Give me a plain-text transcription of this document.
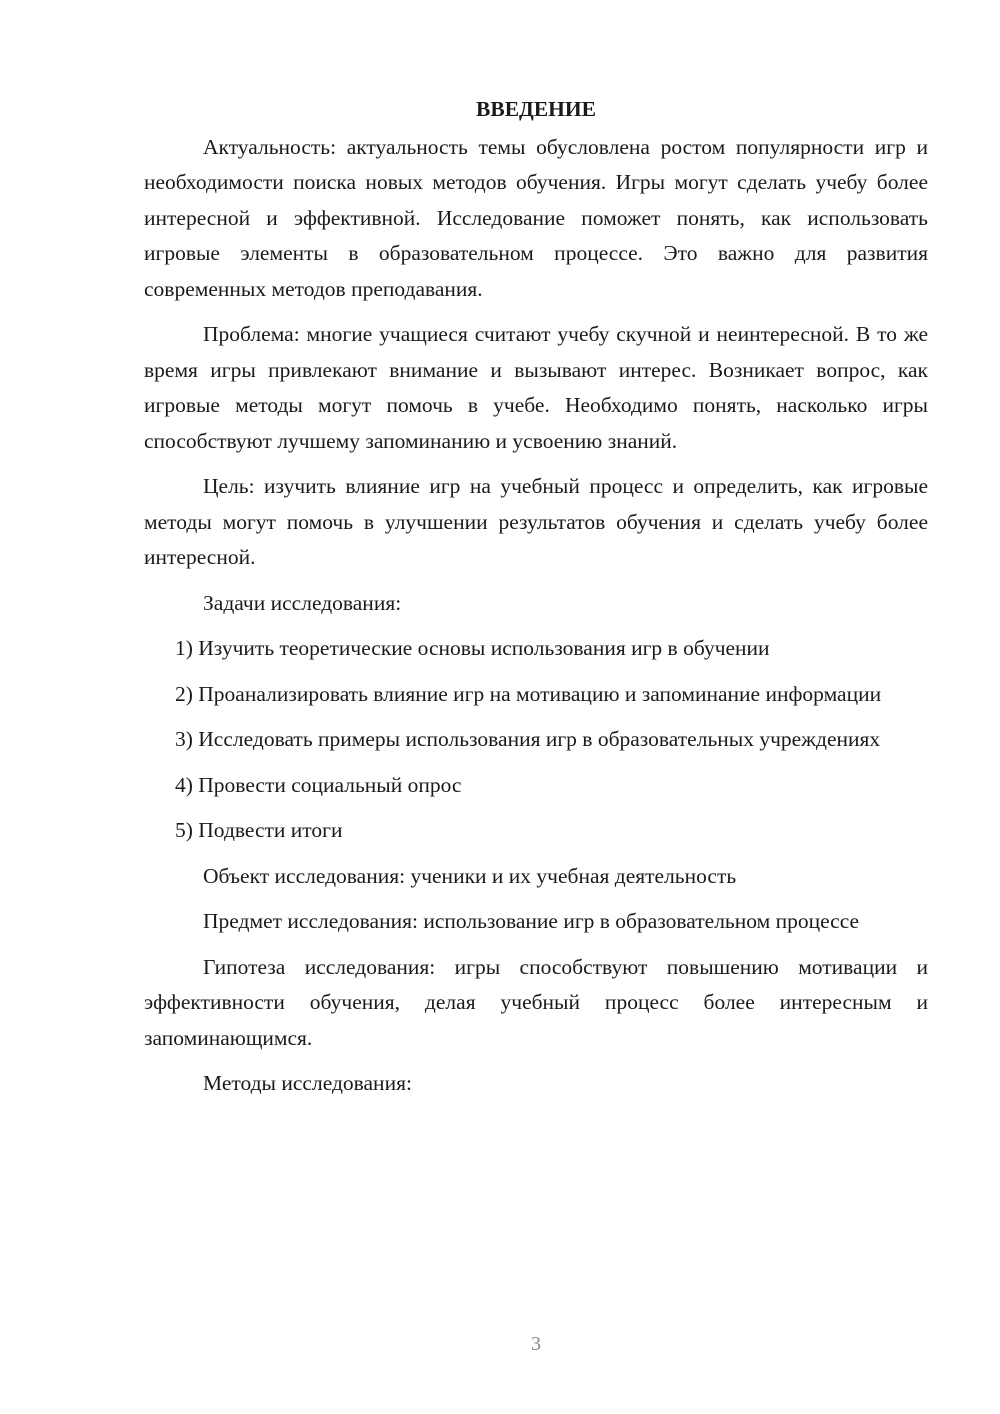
ВВЕДЕНИЕ

Актуальность: актуальность темы обусловлена ростом популярности игр и необходимости поиска новых методов обучения. Игры могут сделать учебу более интересной и эффективной. Исследование поможет понять, как использовать игровые элементы в образовательном процессе. Это важно для развития современных методов преподавания.

Проблема: многие учащиеся считают учебу скучной и неинтересной. В то же время игры привлекают внимание и вызывают интерес. Возникает вопрос, как игровые методы могут помочь в учебе. Необходимо понять, насколько игры способствуют лучшему запоминанию и усвоению знаний.

Цель: изучить влияние игр на учебный процесс и определить, как игровые методы могут помочь в улучшении результатов обучения и сделать учебу более интересной.

Задачи исследования:

1) Изучить теоретические основы использования игр в обучении

2) Проанализировать влияние игр на мотивацию и запоминание информации

3) Исследовать примеры использования игр в образовательных учреждениях

4) Провести социальный опрос

5) Подвести итоги

Объект исследования: ученики и их учебная деятельность

Предмет исследования: использование игр в образовательном процессе

Гипотеза исследования: игры способствуют повышению мотивации и эффективности обучения, делая учебный процесс более интересным и запоминающимся.

Методы исследования:

3
